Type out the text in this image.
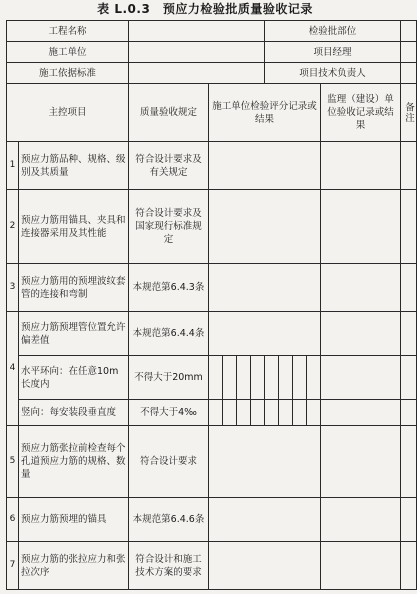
表 L.0.3　预应力检验批质量验收记录
工程名称							检验批部位					
施工单位							项目经理					
施工依据标准							项目技术负责人					
主控项目		质量验收规定	施工单位检验评分记录或结果								监理（建设）单位验收记录或结果	备注
1	预应力筋品种、规格、级别及其质量	符合设计要求及有关规定										
2	预应力筋用锚具、夹具和连接器采用及其性能	符合设计要求及国家现行标准规定										
3	预应力筋用的预埋波纹套管的连接和弯制	本规范第6.4.3条										
4	预应力筋预埋管位置允许偏差值	本规范第6.4.4条										
	水平环向：在任意10m长度内	不得大于20mm										
	竖向：每安装段垂直度	不得大于4‰										
5	预应力筋张拉前检查每个孔道预应力筋的规格、数量	符合设计要求										
6	预应力筋预埋的锚具	本规范第6.4.6条										
7	预应力筋的张拉应力和张拉次序	符合设计和施工技术方案的要求										
